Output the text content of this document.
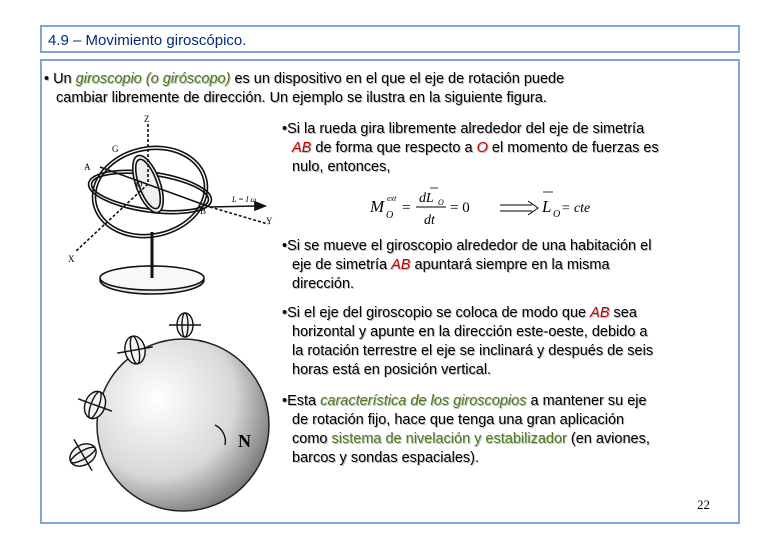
4.9 – Movimiento giroscópico.
• Un giroscopio (o giróscopo) es un dispositivo en el que el eje de rotación puede
cambiar libremente de dirección. Un ejemplo se ilustra en la siguiente figura.
Z
G
A
O
B
L = I ω
X
Y
N
•Si la rueda gira libremente alrededor del eje de simetría
AB de forma que respecto a O el momento de fuerzas es
nulo, entonces,
M ext
O =
dL O
dt
= 0	L O = cte
•Si se mueve el giroscopio alrededor de una habitación el
eje de simetría AB apuntará siempre en la misma
dirección.
•Si el eje del giroscopio se coloca de modo que AB sea
horizontal y apunte en la dirección este-oeste, debido a
la rotación terrestre el eje se inclinará y después de seis
horas está en posición vertical.
•Esta característica de los giroscopios a mantener su eje
de rotación fijo, hace que tenga una gran aplicación
como sistema de nivelación y estabilizador (en aviones,
barcos y sondas espaciales).
22
